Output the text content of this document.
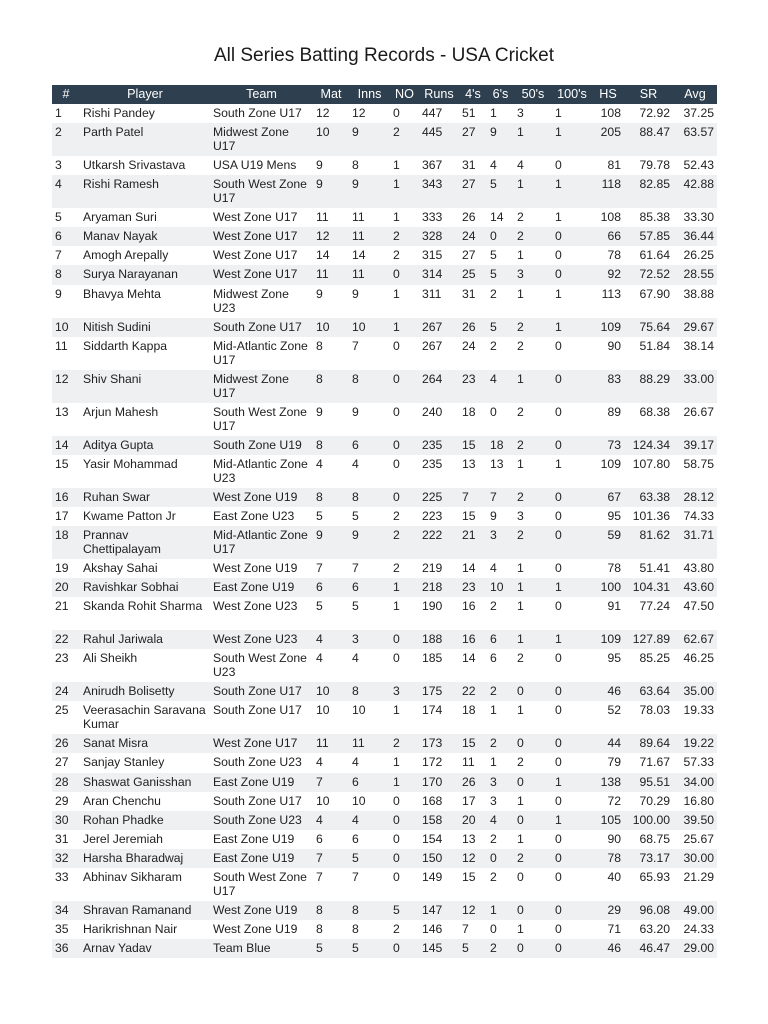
All Series Batting Records - USA Cricket
#	Player	Team	Mat	Inns	NO	Runs	4's	6's	50's	100's	HS	SR	Avg
1	Rishi Pandey	South Zone U17	12	12	0	447	51	1	3	1	108	72.92	37.25
2	Parth Patel	Midwest Zone U17	10	9	2	445	27	9	1	1	205	88.47	63.57
3	Utkarsh Srivastava	USA U19 Mens	9	8	1	367	31	4	4	0	81	79.78	52.43
4	Rishi Ramesh	South West Zone U17	9	9	1	343	27	5	1	1	118	82.85	42.88
5	Aryaman Suri	West Zone U17	11	11	1	333	26	14	2	1	108	85.38	33.30
6	Manav Nayak	West Zone U17	12	11	2	328	24	0	2	0	66	57.85	36.44
7	Amogh Arepally	West Zone U17	14	14	2	315	27	5	1	0	78	61.64	26.25
8	Surya Narayanan	West Zone U17	11	11	0	314	25	5	3	0	92	72.52	28.55
9	Bhavya Mehta	Midwest Zone U23	9	9	1	311	31	2	1	1	113	67.90	38.88
10	Nitish Sudini	South Zone U17	10	10	1	267	26	5	2	1	109	75.64	29.67
11	Siddarth Kappa	Mid-Atlantic Zone U17	8	7	0	267	24	2	2	0	90	51.84	38.14
12	Shiv Shani	Midwest Zone U17	8	8	0	264	23	4	1	0	83	88.29	33.00
13	Arjun Mahesh	South West Zone U17	9	9	0	240	18	0	2	0	89	68.38	26.67
14	Aditya Gupta	South Zone U19	8	6	0	235	15	18	2	0	73	124.34	39.17
15	Yasir Mohammad	Mid-Atlantic Zone U23	4	4	0	235	13	13	1	1	109	107.80	58.75
16	Ruhan Swar	West Zone U19	8	8	0	225	7	7	2	0	67	63.38	28.12
17	Kwame Patton Jr	East Zone U23	5	5	2	223	15	9	3	0	95	101.36	74.33
18	Prannav Chettipalayam	Mid-Atlantic Zone U17	9	9	2	222	21	3	2	0	59	81.62	31.71
19	Akshay Sahai	West Zone U19	7	7	2	219	14	4	1	0	78	51.41	43.80
20	Ravishkar Sobhai	East Zone U19	6	6	1	218	23	10	1	1	100	104.31	43.60
21	Skanda Rohit Sharma	West Zone U23	5	5	1	190	16	2	1	0	91	77.24	47.50
22	Rahul Jariwala	West Zone U23	4	3	0	188	16	6	1	1	109	127.89	62.67
23	Ali Sheikh	South West Zone U23	4	4	0	185	14	6	2	0	95	85.25	46.25
24	Anirudh Bolisetty	South Zone U17	10	8	3	175	22	2	0	0	46	63.64	35.00
25	Veerasachin Saravana Kumar	South Zone U17	10	10	1	174	18	1	1	0	52	78.03	19.33
26	Sanat Misra	West Zone U17	11	11	2	173	15	2	0	0	44	89.64	19.22
27	Sanjay Stanley	South Zone U23	4	4	1	172	11	1	2	0	79	71.67	57.33
28	Shaswat Ganisshan	East Zone U19	7	6	1	170	26	3	0	1	138	95.51	34.00
29	Aran Chenchu	South Zone U17	10	10	0	168	17	3	1	0	72	70.29	16.80
30	Rohan Phadke	South Zone U23	4	4	0	158	20	4	0	1	105	100.00	39.50
31	Jerel Jeremiah	East Zone U19	6	6	0	154	13	2	1	0	90	68.75	25.67
32	Harsha Bharadwaj	East Zone U19	7	5	0	150	12	0	2	0	78	73.17	30.00
33	Abhinav Sikharam	South West Zone U17	7	7	0	149	15	2	0	0	40	65.93	21.29
34	Shravan Ramanand	West Zone U19	8	8	5	147	12	1	0	0	29	96.08	49.00
35	Harikrishnan Nair	West Zone U19	8	8	2	146	7	0	1	0	71	63.20	24.33
36	Arnav Yadav	Team Blue	5	5	0	145	5	2	0	0	46	46.47	29.00
